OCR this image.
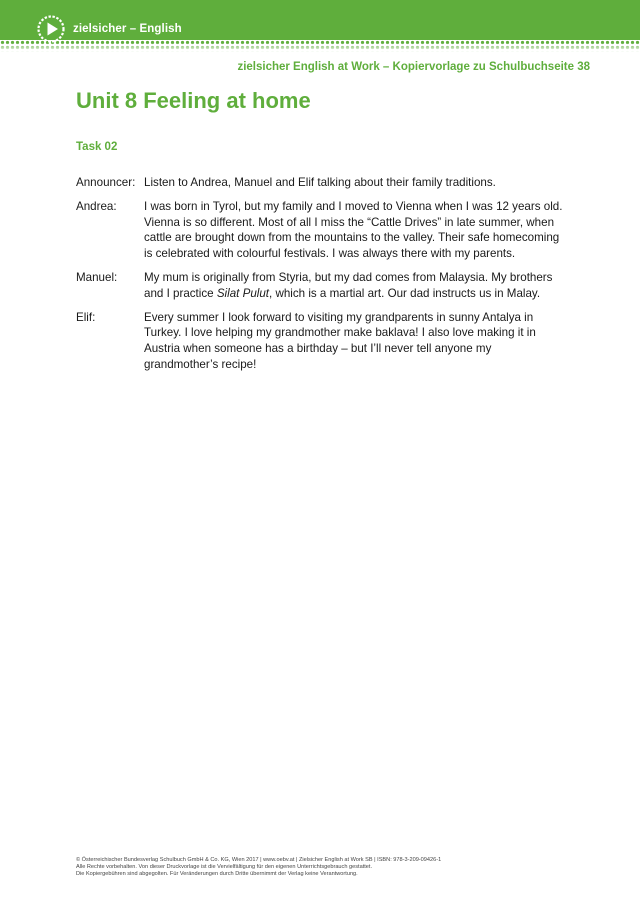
zielsicher – English
zielsicher English at Work – Kopiervorlage zu Schulbuchseite 38
Unit 8 Feeling at home
Task 02
Announcer: Listen to Andrea, Manuel and Elif talking about their family traditions.
Andrea:	I was born in Tyrol, but my family and I moved to Vienna when I was 12 years old. Vienna is so different. Most of all I miss the “Cattle Drives” in late summer, when cattle are brought down from the mountains to the valley. Their safe homecoming is celebrated with colourful festivals. I was always there with my parents.
Manuel:	My mum is originally from Styria, but my dad comes from Malaysia. My brothers and I practice Silat Pulut, which is a martial art. Our dad instructs us in Malay.
Elif:	Every summer I look forward to visiting my grandparents in sunny Antalya in Turkey. I love helping my grandmother make baklava! I also love making it in Austria when someone has a birthday – but I’ll never tell anyone my grandmother’s recipe!
© Österreichischer Bundesverlag Schulbuch GmbH & Co. KG, Wien 2017 | www.oebv.at | Zielsicher English at Work SB | ISBN: 978-3-209-09426-1
Alle Rechte vorbehalten. Von dieser Druckvorlage ist die Vervielfältigung für den eigenen Unterrichtsgebrauch gestattet.
Die Kopiergebühren sind abgegolten. Für Veränderungen durch Dritte übernimmt der Verlag keine Verantwortung.
